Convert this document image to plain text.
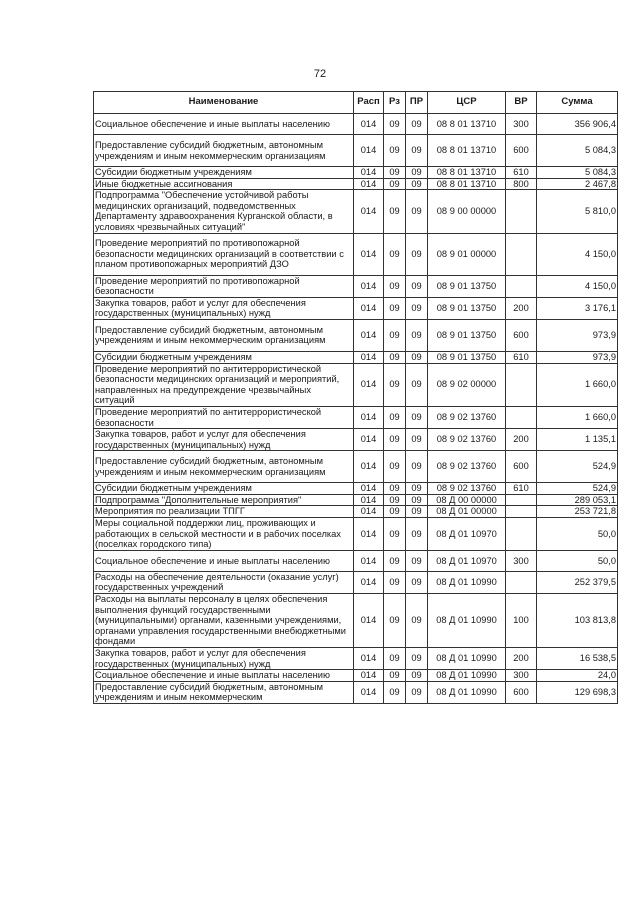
72
Наименование	Расп	Рз	ПР	ЦСР	ВР	Сумма
Социальное обеспечение и иные выплаты населению	014	09	09	08 8 01 13710	300	356 906,4
Предоставление субсидий бюджетным, автономным учреждениям и иным некоммерческим организациям	014	09	09	08 8 01 13710	600	5 084,3
Субсидии бюджетным учреждениям	014	09	09	08 8 01 13710	610	5 084,3
Иные бюджетные ассигнования	014	09	09	08 8 01 13710	800	2 467,8
Подпрограмма "Обеспечение устойчивой работы медицинских организаций, подведомственных Департаменту здравоохранения Курганской области, в условиях чрезвычайных ситуаций"	014	09	09	08 9 00 00000		5 810,0
Проведение мероприятий по противопожарной безопасности медицинских организаций в соответствии с планом противопожарных мероприятий ДЗО	014	09	09	08 9 01 00000		4 150,0
Проведение мероприятий по противопожарной безопасности	014	09	09	08 9 01 13750		4 150,0
Закупка товаров, работ и услуг для обеспечения государственных (муниципальных) нужд	014	09	09	08 9 01 13750	200	3 176,1
Предоставление субсидий бюджетным, автономным учреждениям и иным некоммерческим организациям	014	09	09	08 9 01 13750	600	973,9
Субсидии бюджетным учреждениям	014	09	09	08 9 01 13750	610	973,9
Проведение мероприятий по антитеррористической безопасности медицинских организаций и мероприятий, направленных на предупреждение чрезвычайных ситуаций	014	09	09	08 9 02 00000		1 660,0
Проведение мероприятий по антитеррористической безопасности	014	09	09	08 9 02 13760		1 660,0
Закупка товаров, работ и услуг для обеспечения государственных (муниципальных) нужд	014	09	09	08 9 02 13760	200	1 135,1
Предоставление субсидий бюджетным, автономным учреждениям и иным некоммерческим организациям	014	09	09	08 9 02 13760	600	524,9
Субсидии бюджетным учреждениям	014	09	09	08 9 02 13760	610	524,9
Подпрограмма "Дополнительные мероприятия"	014	09	09	08 Д 00 00000		289 053,1
Мероприятия по реализации ТПГГ	014	09	09	08 Д 01 00000		253 721,8
Меры социальной поддержки лиц, проживающих и работающих в сельской местности и в рабочих поселках (поселках городского типа)	014	09	09	08 Д 01 10970		50,0
Социальное обеспечение и иные выплаты населению	014	09	09	08 Д 01 10970	300	50,0
Расходы на обеспечение деятельности (оказание услуг) государственных учреждений	014	09	09	08 Д 01 10990		252 379,5
Расходы на выплаты персоналу в целях обеспечения выполнения функций государственными (муниципальными) органами, казенными учреждениями, органами управления государственными внебюджетными фондами	014	09	09	08 Д 01 10990	100	103 813,8
Закупка товаров, работ и услуг для обеспечения государственных (муниципальных) нужд	014	09	09	08 Д 01 10990	200	16 538,5
Социальное обеспечение и иные выплаты населению	014	09	09	08 Д 01 10990	300	24,0
Предоставление субсидий бюджетным, автономным учреждениям и иным некоммерческим	014	09	09	08 Д 01 10990	600	129 698,3
